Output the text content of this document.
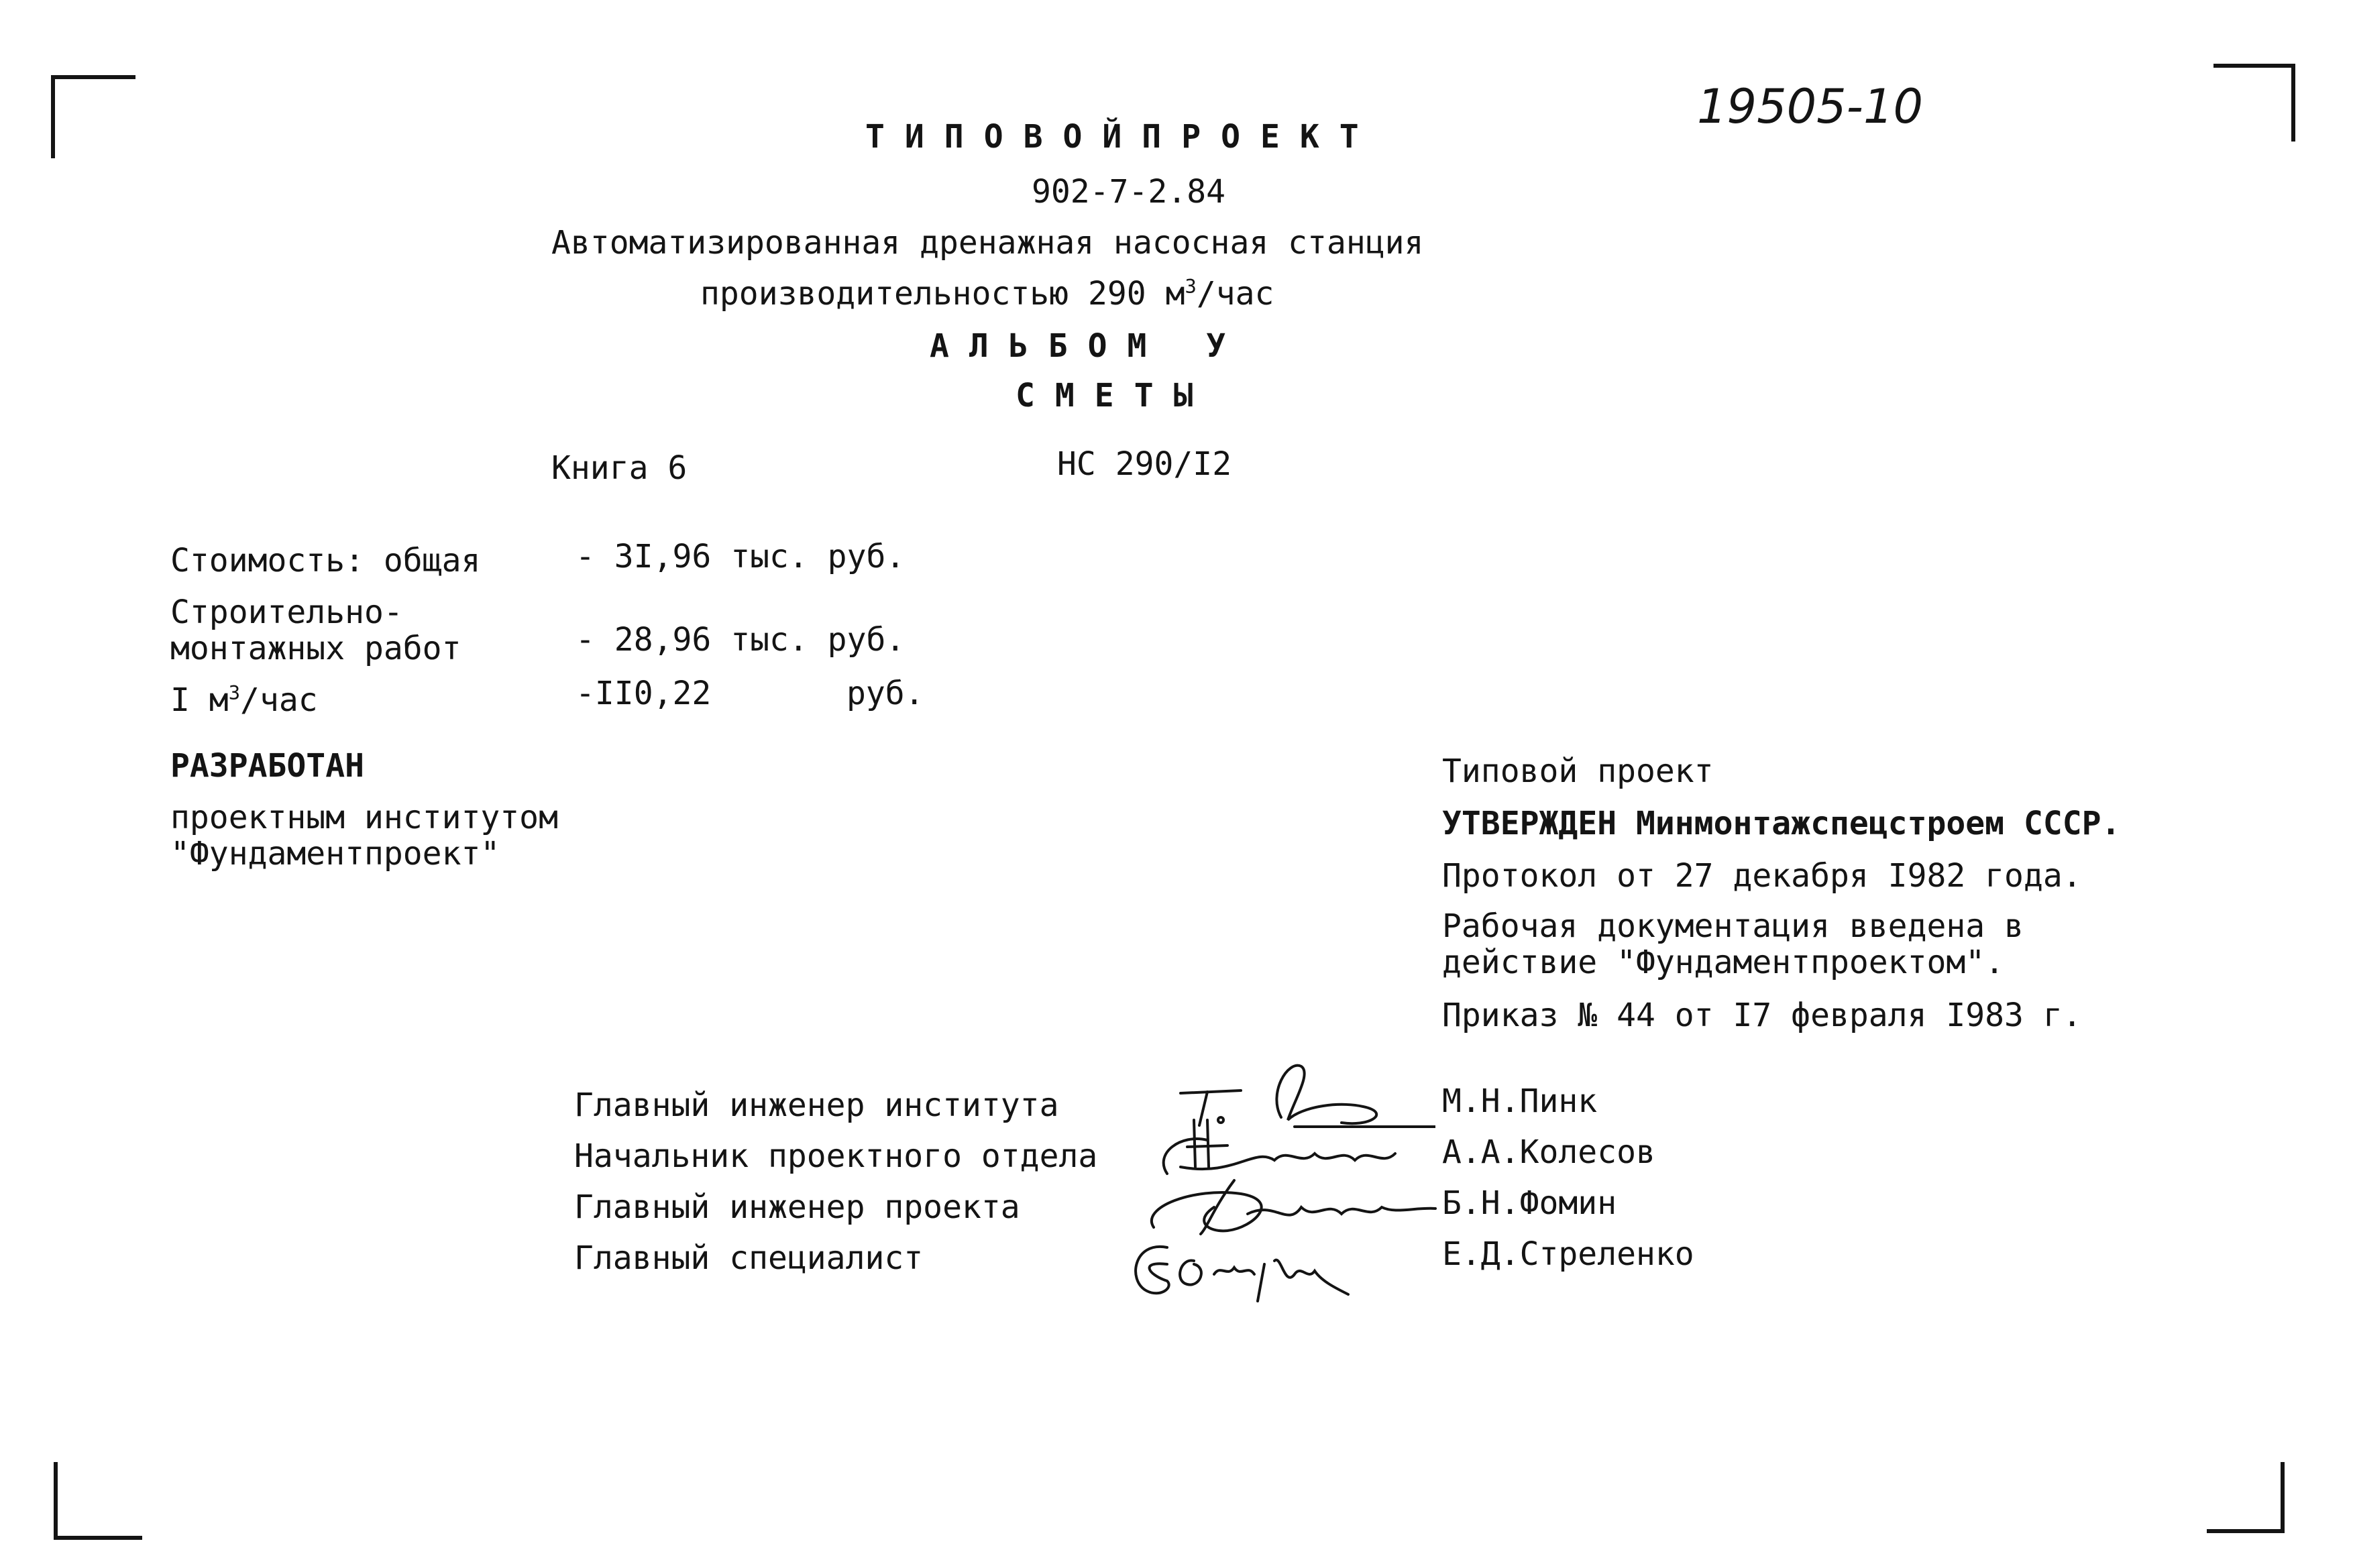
19505-10
ТИПОВОЙПРОЕКТ
902-7-2.84
Автоматизированная дренажная насосная станция
производительностью 290 $м^3$/час
АЛЬБОМ У
СМЕТЫ
Книга 6	НС 290/I2
Стоимость: общая	- 3I,96 тыс. руб.
Строительно-
монтажных работ	- 28,96 тыс. руб.
I $м^3$/час	-II0,22	руб.
РАЗРАБОТАН
проектным институтом
"Фундаментпроект"
Типовой проект
УТВЕРЖДЕН Минмонтажспецстроем СССР.
Протокол от 27 декабря I982 года.
Рабочая документация введена в
действие "Фундаментпроектом".
Приказ № 44 от I7 февраля I983 г.
Главный инженер института	М.Н.Пинк
Начальник проектного отдела	А.А.Колесов
Главный инженер проекта	Б.Н.Фомин
Главный специалист	Е.Д.Стреленко
